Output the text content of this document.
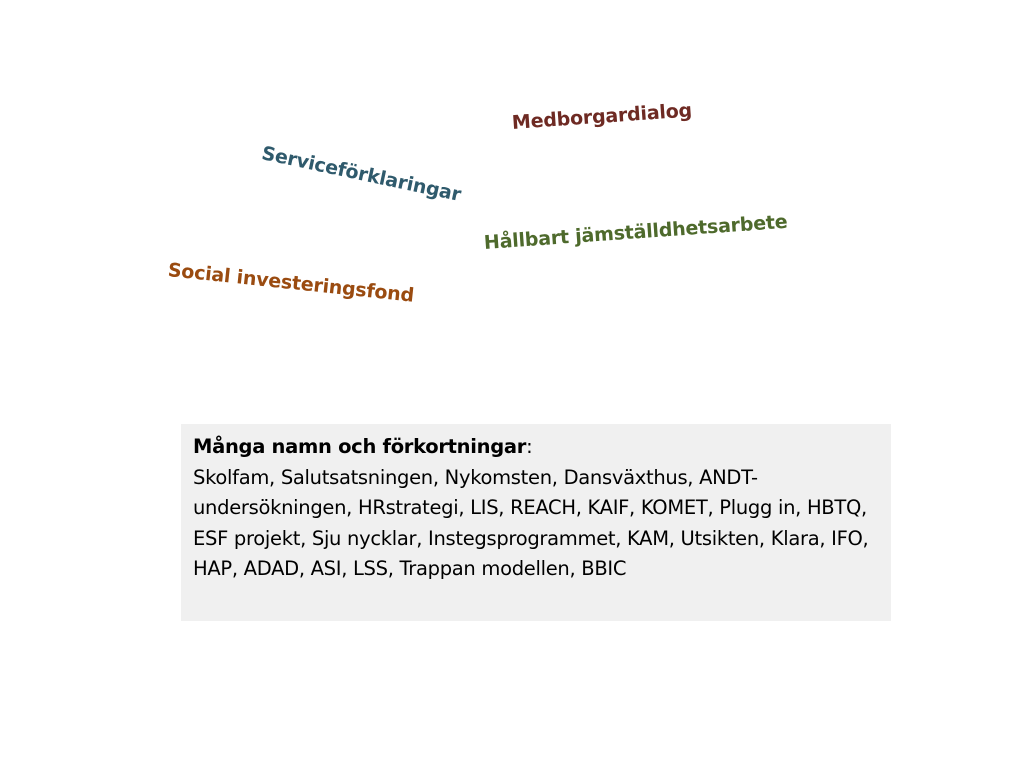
Medborgardialog
Serviceförklaringar
Hållbart jämställdhetsarbete
Social investeringsfond
Många namn och förkortningar:
Skolfam, Salutsatsningen, Nykomsten, Dansväxthus, ANDT-undersökningen, HRstrategi, LIS, REACH, KAIF, KOMET, Plugg in, HBTQ, ESF projekt, Sju nycklar, Instegsprogrammet, KAM, Utsikten, Klara, IFO, HAP, ADAD, ASI, LSS, Trappan modellen, BBIC
